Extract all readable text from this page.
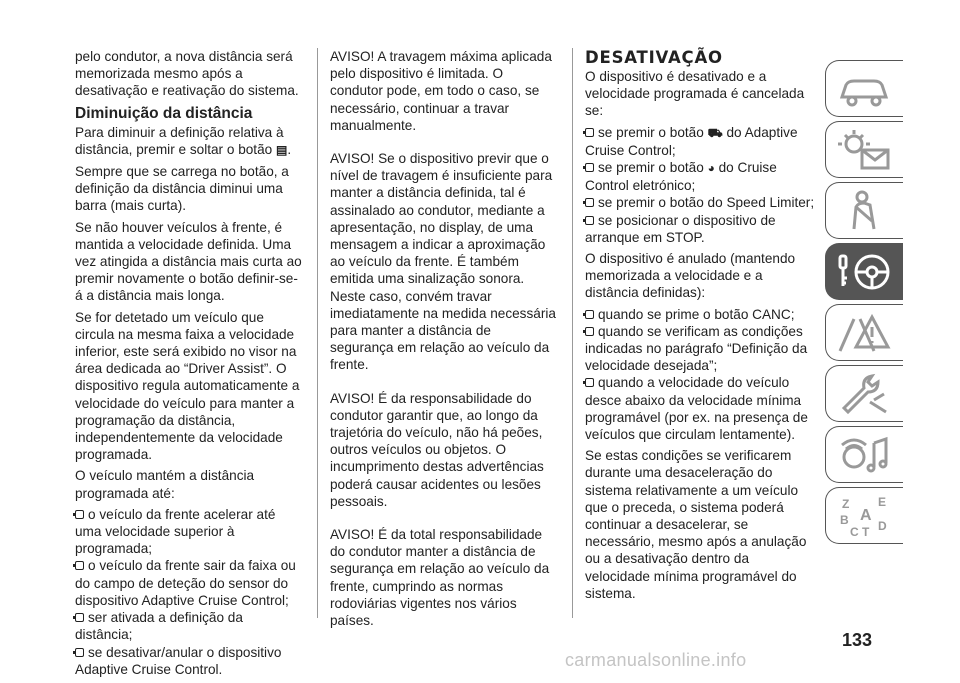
pelo condutor, a nova distância será memorizada mesmo após a desativação e reativação do sistema.

Diminuição da distância

Para diminuir a definição relativa à distância, premir e soltar o botão ▤.

Sempre que se carrega no botão, a definição da distância diminui uma barra (mais curta).

Se não houver veículos à frente, é mantida a velocidade definida. Uma vez atingida a distância mais curta ao premir novamente o botão definir-se-á a distância mais longa.

Se for detetado um veículo que circula na mesma faixa a velocidade inferior, este será exibido no visor na área dedicada ao “Driver Assist”. O dispositivo regula automaticamente a velocidade do veículo para manter a programação da distância, independentemente da velocidade programada.

O veículo mantém a distância programada até:

o veículo da frente acelerar até uma velocidade superior à programada;

o veículo da frente sair da faixa ou do campo de deteção do sensor do dispositivo Adaptive Cruise Control;

ser ativada a definição da distância;

se desativar/anular o dispositivo Adaptive Cruise Control.

AVISO! A travagem máxima aplicada pelo dispositivo é limitada. O condutor pode, em todo o caso, se necessário, continuar a travar manualmente.

AVISO! Se o dispositivo previr que o nível de travagem é insuficiente para manter a distância definida, tal é assinalado ao condutor, mediante a apresentação, no display, de uma mensagem a indicar a aproximação ao veículo da frente. É também emitida uma sinalização sonora. Neste caso, convém travar imediatamente na medida necessária para manter a distância de segurança em relação ao veículo da frente.

AVISO! É da responsabilidade do condutor garantir que, ao longo da trajetória do veículo, não há peões, outros veículos ou objetos. O incumprimento destas advertências poderá causar acidentes ou lesões pessoais.

AVISO! É da total responsabilidade do condutor manter a distância de segurança em relação ao veículo da frente, cumprindo as normas rodoviárias vigentes nos vários países.

DESATIVAÇÃO

O dispositivo é desativado e a velocidade programada é cancelada se:

se premir o botão ⛟ do Adaptive Cruise Control;

se premir o botão ◕ do Cruise Control eletrónico;

se premir o botão do Speed Limiter;

se posicionar o dispositivo de arranque em STOP.

O dispositivo é anulado (mantendo memorizada a velocidade e a distância definidas):

quando se prime o botão CANC;

quando se verificam as condições indicadas no parágrafo “Definição da velocidade desejada”;

quando a velocidade do veículo desce abaixo da velocidade mínima programável (por ex. na presença de veículos que circulam lentamente).

Se estas condições se verificarem durante uma desaceleração do sistema relativamente a um veículo que o preceda, o sistema poderá continuar a desacelerar, se necessário, mesmo após a anulação ou a desativação dentro da velocidade mínima programável do sistema.

Z E
B A
C T D
133
carmanualsonline.info
